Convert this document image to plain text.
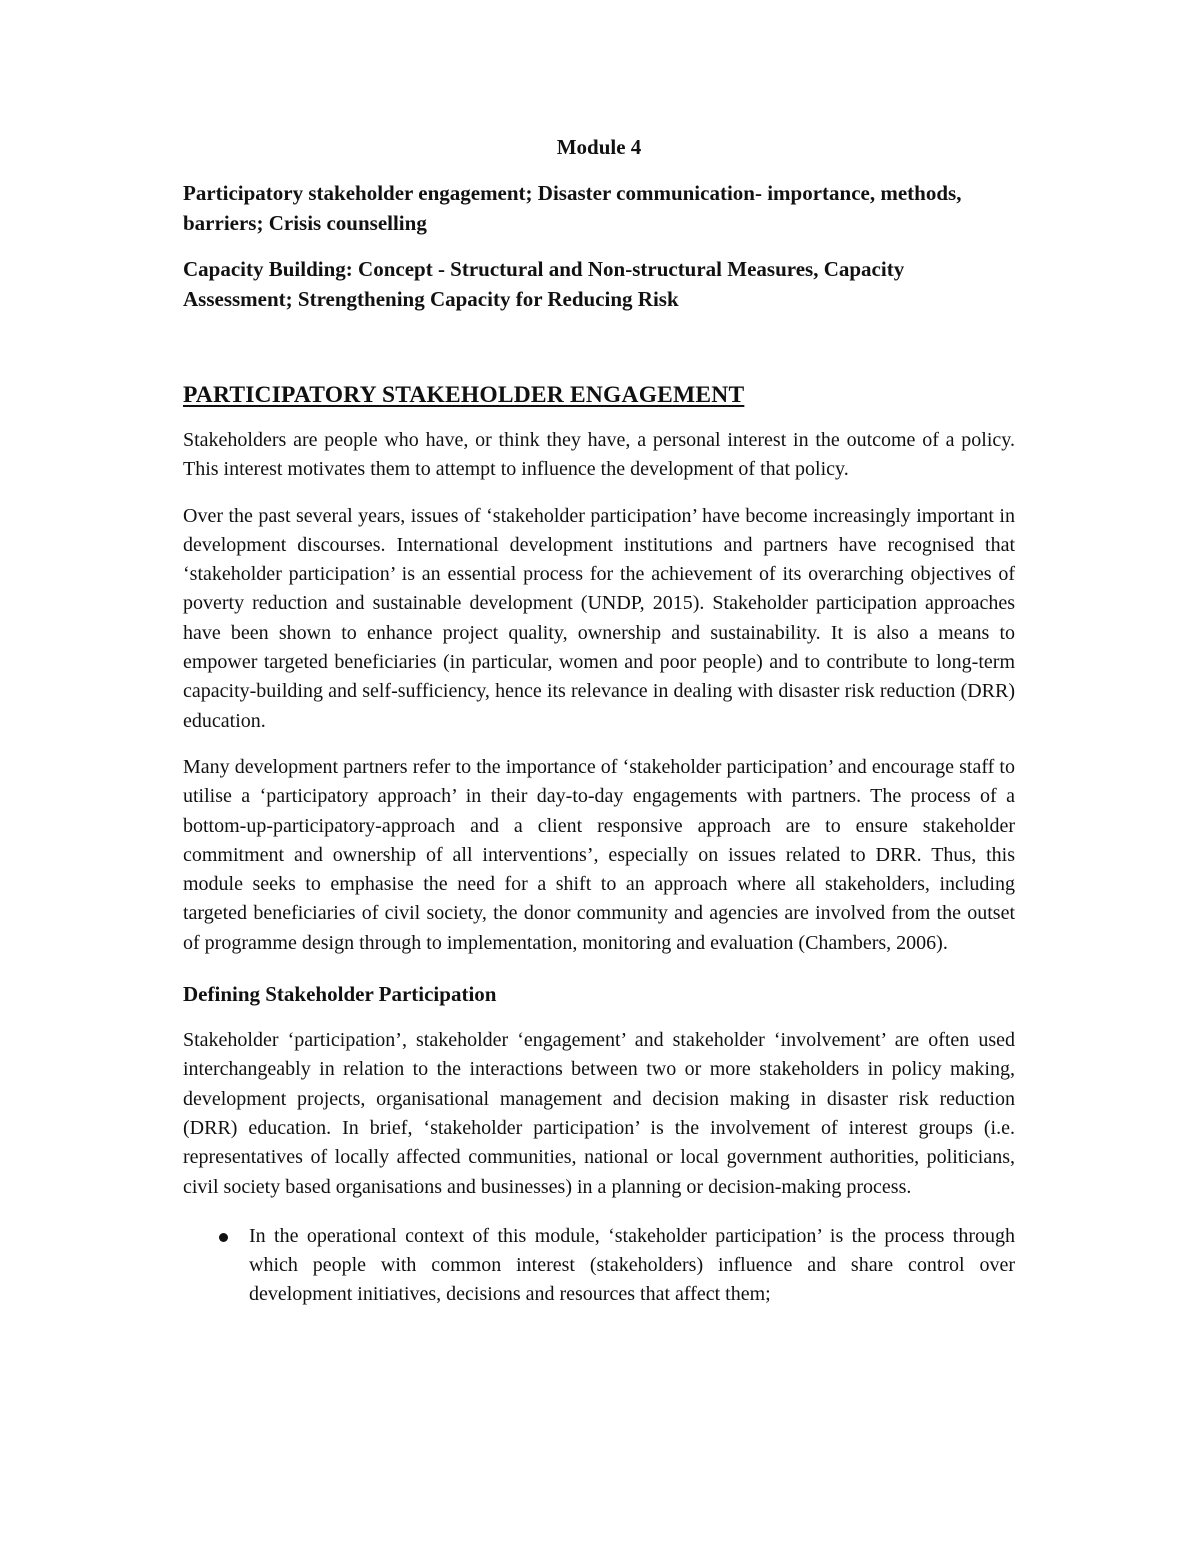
Module 4
Participatory stakeholder engagement; Disaster communication- importance, methods, barriers; Crisis counselling
Capacity Building: Concept - Structural and Non-structural Measures, Capacity Assessment; Strengthening Capacity for Reducing Risk
PARTICIPATORY STAKEHOLDER ENGAGEMENT

Stakeholders are people who have, or think they have, a personal interest in the outcome of a policy. This interest motivates them to attempt to influence the development of that policy.

Over the past several years, issues of ‘stakeholder participation’ have become increasingly important in development discourses. International development institutions and partners have recognised that ‘stakeholder participation’ is an essential process for the achievement of its overarching objectives of poverty reduction and sustainable development (UNDP, 2015). Stakeholder participation approaches have been shown to enhance project quality, ownership and sustainability. It is also a means to empower targeted beneficiaries (in particular, women and poor people) and to contribute to long-term capacity-building and self-sufficiency, hence its relevance in dealing with disaster risk reduction (DRR) education.

Many development partners refer to the importance of ‘stakeholder participation’ and encourage staff to utilise a ‘participatory approach’ in their day-to-day engagements with partners. The process of a bottom-up-participatory-approach and a client responsive approach are to ensure stakeholder commitment and ownership of all interventions’, especially on issues related to DRR. Thus, this module seeks to emphasise the need for a shift to an approach where all stakeholders, including targeted beneficiaries of civil society, the donor community and agencies are involved from the outset of programme design through to implementation, monitoring and evaluation (Chambers, 2006).

Defining Stakeholder Participation

Stakeholder ‘participation’, stakeholder ‘engagement’ and stakeholder ‘involvement’ are often used interchangeably in relation to the interactions between two or more stakeholders in policy making, development projects, organisational management and decision making in disaster risk reduction (DRR) education. In brief, ‘stakeholder participation’ is the involvement of interest groups (i.e. representatives of locally affected communities, national or local government authorities, politicians, civil society based organisations and businesses) in a planning or decision-making process.

In the operational context of this module, ‘stakeholder participation’ is the process through which people with common interest (stakeholders) influence and share control over development initiatives, decisions and resources that affect them;
